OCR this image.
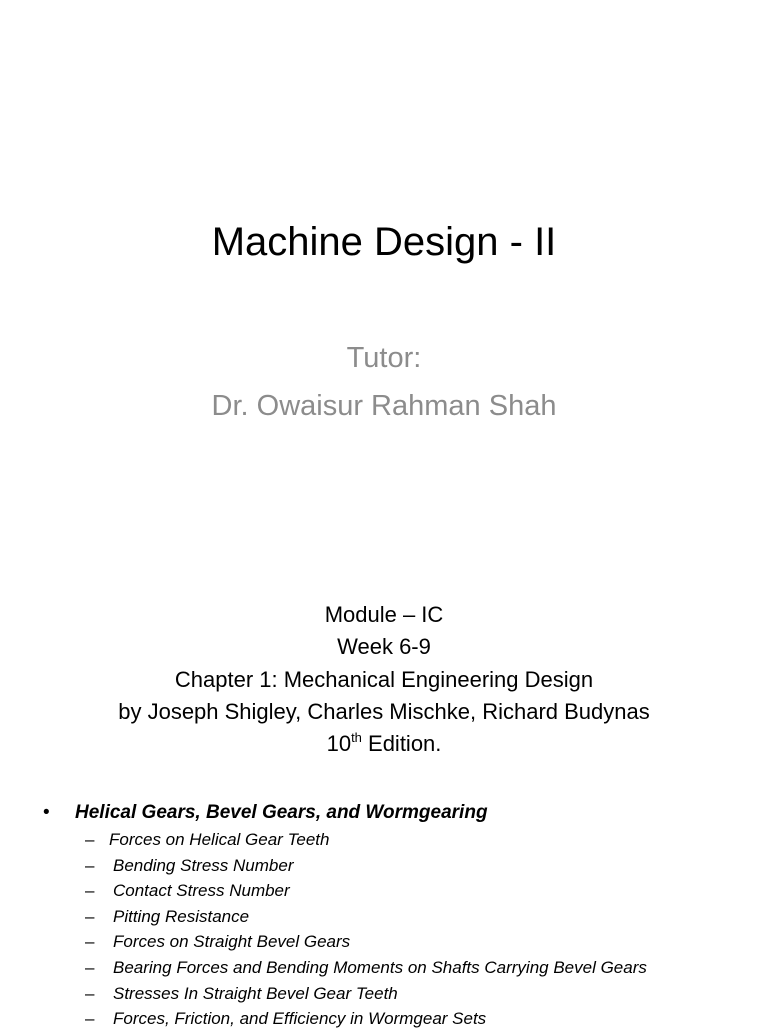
Machine Design - II
Tutor:
Dr. Owaisur Rahman Shah
Module – IC
Week 6-9
Chapter 1: Mechanical Engineering Design
by Joseph Shigley, Charles Mischke, Richard Budynas
10th Edition.
• Helical Gears, Bevel Gears, and Wormgearing
– Forces on Helical Gear Teeth
– Bending Stress Number
– Contact Stress Number
– Pitting Resistance
– Forces on Straight Bevel Gears
– Bearing Forces and Bending Moments on Shafts Carrying Bevel Gears
– Stresses In Straight Bevel Gear Teeth
– Forces, Friction, and Efficiency in Wormgear Sets
